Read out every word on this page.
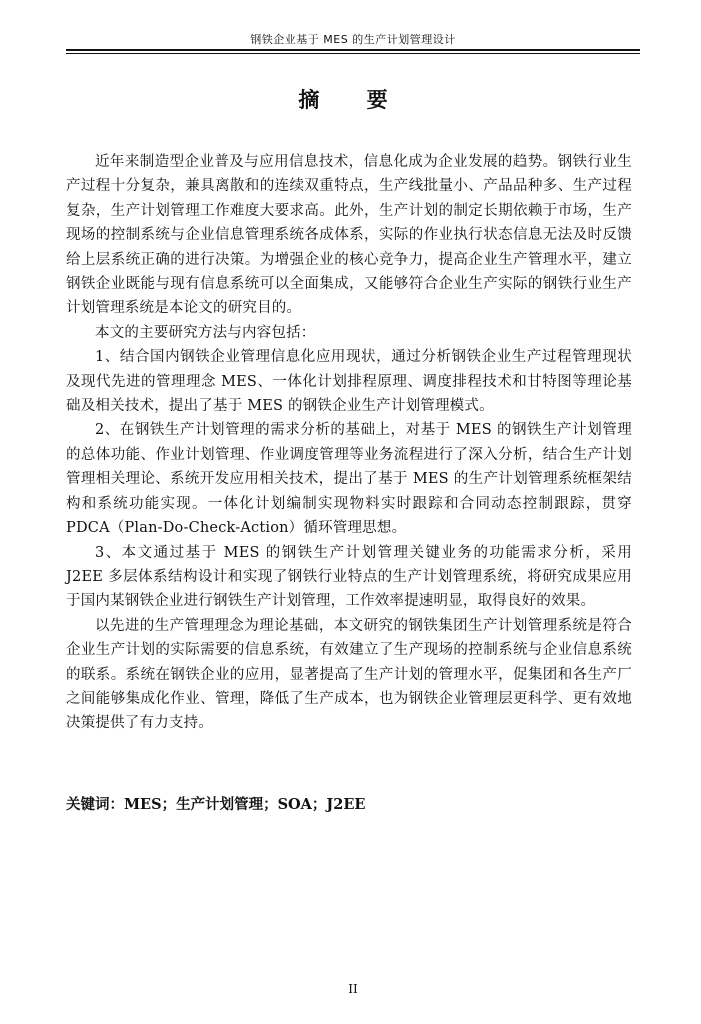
钢铁企业基于 MES 的生产计划管理设计
摘 要

近年来制造型企业普及与应用信息技术，信息化成为企业发展的趋势。钢铁行业生产过程十分复杂，兼具离散和的连续双重特点，生产线批量小、产品品种多、生产过程复杂，生产计划管理工作难度大要求高。此外，生产计划的制定长期依赖于市场，生产现场的控制系统与企业信息管理系统各成体系，实际的作业执行状态信息无法及时反馈给上层系统正确的进行决策。为增强企业的核心竞争力，提高企业生产管理水平，建立钢铁企业既能与现有信息系统可以全面集成，又能够符合企业生产实际的钢铁行业生产计划管理系统是本论文的研究目的。

本文的主要研究方法与内容包括：

1、结合国内钢铁企业管理信息化应用现状，通过分析钢铁企业生产过程管理现状及现代先进的管理理念 MES、一体化计划排程原理、调度排程技术和甘特图等理论基础及相关技术，提出了基于 MES 的钢铁企业生产计划管理模式。

2、在钢铁生产计划管理的需求分析的基础上，对基于 MES 的钢铁生产计划管理的总体功能、作业计划管理、作业调度管理等业务流程进行了深入分析，结合生产计划管理相关理论、系统开发应用相关技术，提出了基于 MES 的生产计划管理系统框架结构和系统功能实现。一体化计划编制实现物料实时跟踪和合同动态控制跟踪，贯穿 PDCA（Plan-Do-Check-Action）循环管理思想。

3、本文通过基于 MES 的钢铁生产计划管理关键业务的功能需求分析，采用 J2EE 多层体系结构设计和实现了钢铁行业特点的生产计划管理系统，将研究成果应用于国内某钢铁企业进行钢铁生产计划管理，工作效率提速明显，取得良好的效果。

以先进的生产管理理念为理论基础，本文研究的钢铁集团生产计划管理系统是符合企业生产计划的实际需要的信息系统，有效建立了生产现场的控制系统与企业信息系统的联系。系统在钢铁企业的应用，显著提高了生产计划的管理水平，促集团和各生产厂之间能够集成化作业、管理，降低了生产成本，也为钢铁企业管理层更科学、更有效地决策提供了有力支持。

关键词：MES；生产计划管理；SOA；J2EE

II
